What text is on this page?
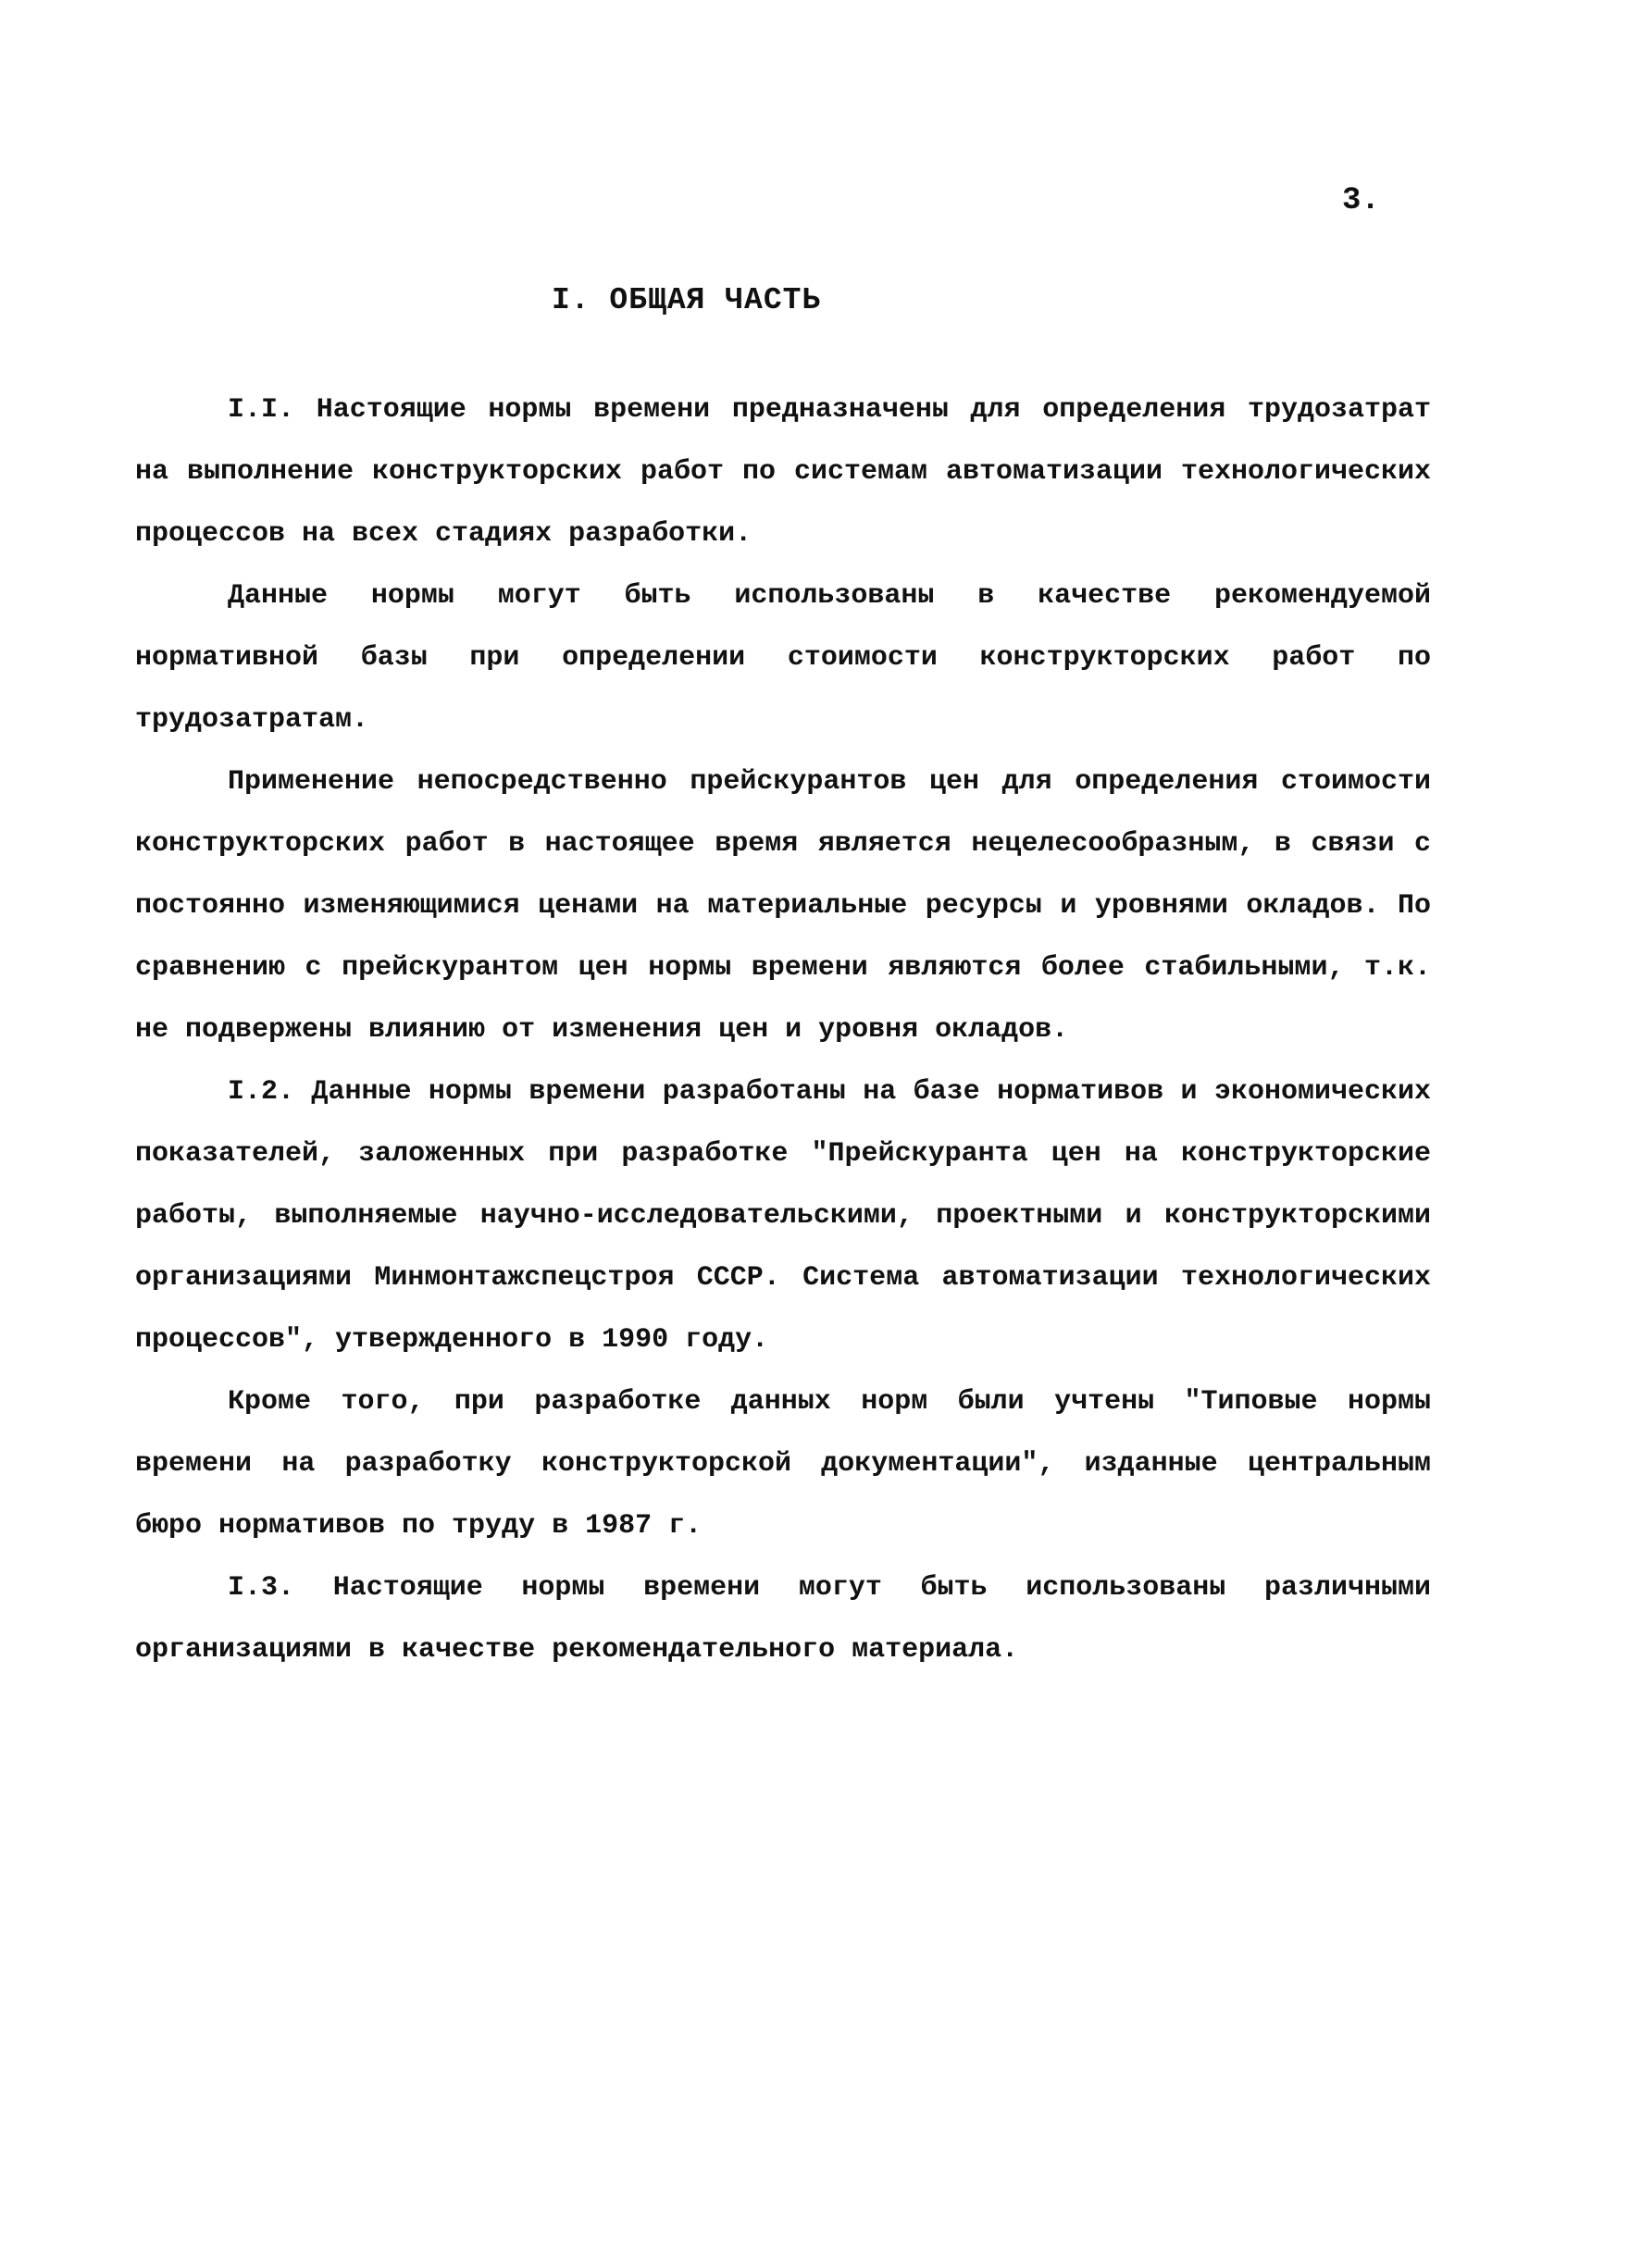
3.
I. ОБЩАЯ ЧАСТЬ

I.I. Настоящие нормы времени предназначены для определения трудозатрат на выполнение конструкторских работ по системам автоматизации технологических процессов на всех стадиях разработки.

Данные нормы могут быть использованы в качестве рекомендуемой нормативной базы при определении стоимости конструкторских работ по трудозатратам.

Применение непосредственно прейскурантов цен для определения стоимости конструкторских работ в настоящее время является нецелесообразным, в связи с постоянно изменяющимися ценами на материальные ресурсы и уровнями окладов. По сравнению с прейскурантом цен нормы времени являются более стабильными, т.к. не подвержены влиянию от изменения цен и уровня окладов.

I.2. Данные нормы времени разработаны на базе нормативов и экономических показателей, заложенных при разработке "Прейскуранта цен на конструкторские работы, выполняемые научно-исследовательскими, проектными и конструкторскими организациями Минмонтажспецстроя СССР. Система автоматизации технологических процессов", утвержденного в 1990 году.

Кроме того, при разработке данных норм были учтены "Типовые нормы времени на разработку конструкторской документации", изданные центральным бюро нормативов по труду в 1987 г.

I.3. Настоящие нормы времени могут быть использованы различными организациями в качестве рекомендательного материала.
